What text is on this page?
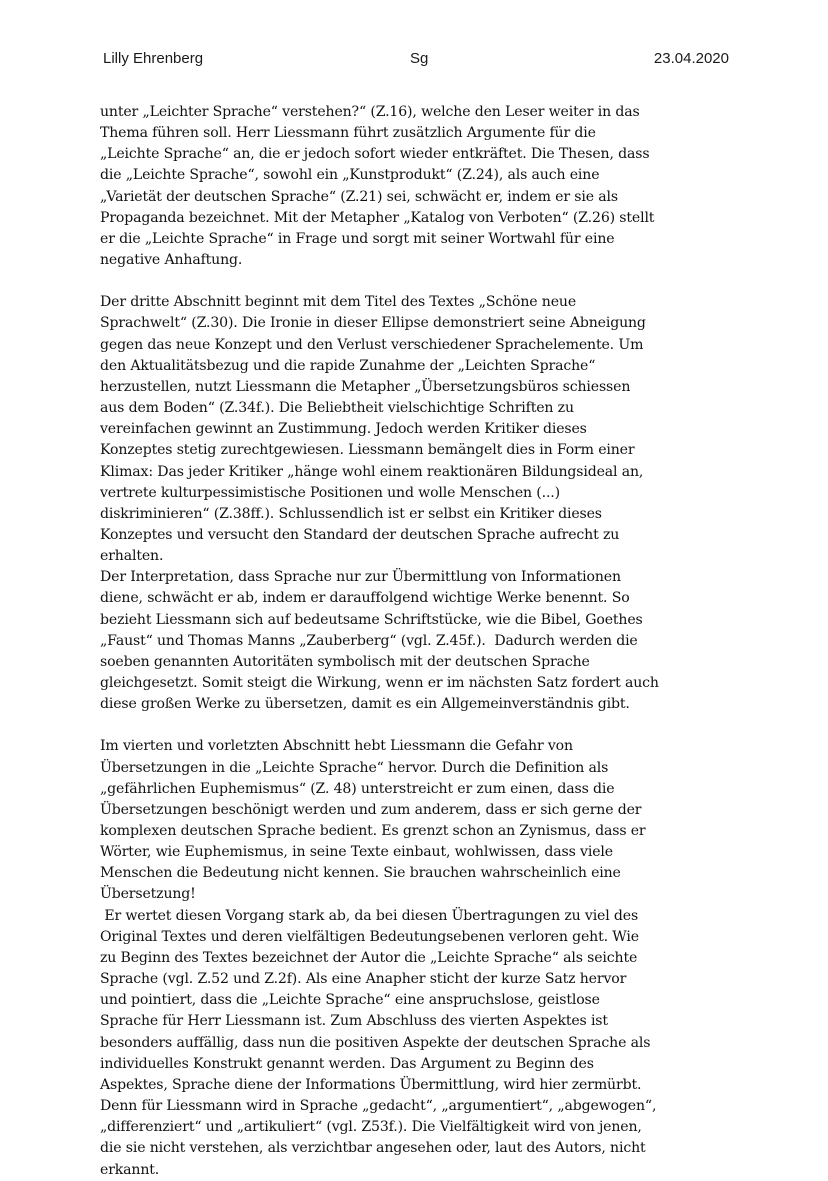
Lilly Ehrenberg	Sg	23.04.2020

unter „Leichter Sprache“ verstehen?“ (Z.16), welche den Leser weiter in das

Thema führen soll. Herr Liessmann führt zusätzlich Argumente für die

„Leichte Sprache“ an, die er jedoch sofort wieder entkräftet. Die Thesen, dass

die „Leichte Sprache“, sowohl ein „Kunstprodukt“ (Z.24), als auch eine

„Varietät der deutschen Sprache“ (Z.21) sei, schwächt er, indem er sie als

Propaganda bezeichnet. Mit der Metapher „Katalog von Verboten“ (Z.26) stellt

er die „Leichte Sprache“ in Frage und sorgt mit seiner Wortwahl für eine

negative Anhaftung.

Der dritte Abschnitt beginnt mit dem Titel des Textes „Schöne neue

Sprachwelt“ (Z.30). Die Ironie in dieser Ellipse demonstriert seine Abneigung

gegen das neue Konzept und den Verlust verschiedener Sprachelemente. Um

den Aktualitätsbezug und die rapide Zunahme der „Leichten Sprache“

herzustellen, nutzt Liessmann die Metapher „Übersetzungsbüros schiessen

aus dem Boden“ (Z.34f.). Die Beliebtheit vielschichtige Schriften zu

vereinfachen gewinnt an Zustimmung. Jedoch werden Kritiker dieses

Konzeptes stetig zurechtgewiesen. Liessmann bemängelt dies in Form einer

Klimax: Das jeder Kritiker „hänge wohl einem reaktionären Bildungsideal an,

vertrete kulturpessimistische Positionen und wolle Menschen (...)

diskriminieren“ (Z.38ff.). Schlussendlich ist er selbst ein Kritiker dieses

Konzeptes und versucht den Standard der deutschen Sprache aufrecht zu

erhalten.

Der Interpretation, dass Sprache nur zur Übermittlung von Informationen

diene, schwächt er ab, indem er darauffolgend wichtige Werke benennt. So

bezieht Liessmann sich auf bedeutsame Schriftstücke, wie die Bibel, Goethes

„Faust“ und Thomas Manns „Zauberberg“ (vgl. Z.45f.).  Dadurch werden die

soeben genannten Autoritäten symbolisch mit der deutschen Sprache

gleichgesetzt. Somit steigt die Wirkung, wenn er im nächsten Satz fordert auch

diese großen Werke zu übersetzen, damit es ein Allgemeinverständnis gibt.

Im vierten und vorletzten Abschnitt hebt Liessmann die Gefahr von

Übersetzungen in die „Leichte Sprache“ hervor. Durch die Definition als

„gefährlichen Euphemismus“ (Z. 48) unterstreicht er zum einen, dass die

Übersetzungen beschönigt werden und zum anderem, dass er sich gerne der

komplexen deutschen Sprache bedient. Es grenzt schon an Zynismus, dass er

Wörter, wie Euphemismus, in seine Texte einbaut, wohlwissen, dass viele

Menschen die Bedeutung nicht kennen. Sie brauchen wahrscheinlich eine

Übersetzung!

Er wertet diesen Vorgang stark ab, da bei diesen Übertragungen zu viel des

Original Textes und deren vielfältigen Bedeutungsebenen verloren geht. Wie

zu Beginn des Textes bezeichnet der Autor die „Leichte Sprache“ als seichte

Sprache (vgl. Z.52 und Z.2f). Als eine Anapher sticht der kurze Satz hervor

und pointiert, dass die „Leichte Sprache“ eine anspruchslose, geistlose

Sprache für Herr Liessmann ist. Zum Abschluss des vierten Aspektes ist

besonders auffällig, dass nun die positiven Aspekte der deutschen Sprache als

individuelles Konstrukt genannt werden. Das Argument zu Beginn des

Aspektes, Sprache diene der Informations Übermittlung, wird hier zermürbt.

Denn für Liessmann wird in Sprache „gedacht“, „argumentiert“, „abgewogen“,

„differenziert“ und „artikuliert“ (vgl. Z53f.). Die Vielfältigkeit wird von jenen,

die sie nicht verstehen, als verzichtbar angesehen oder, laut des Autors, nicht

erkannt.
